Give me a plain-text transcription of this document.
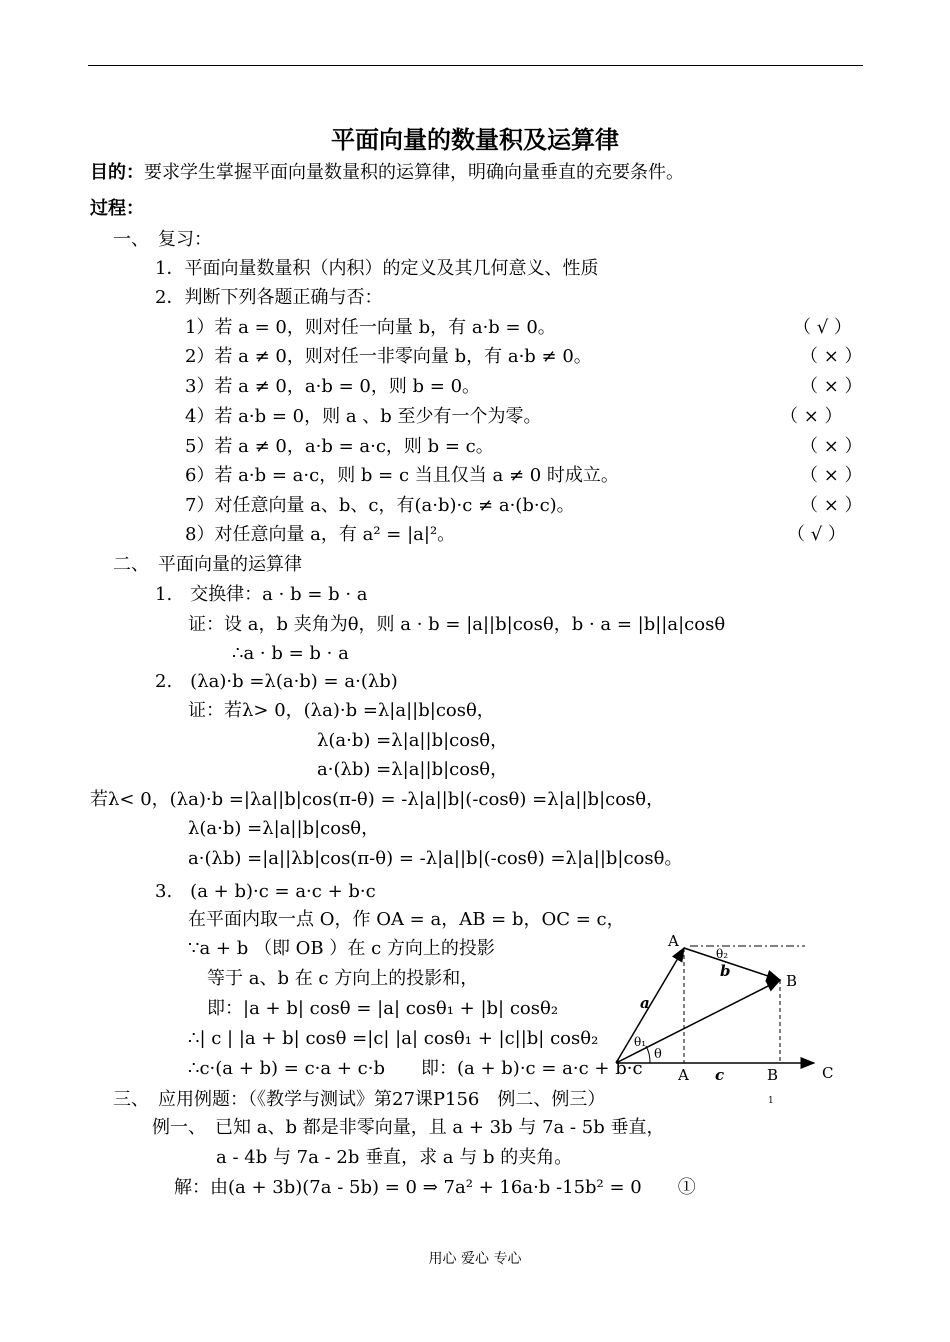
平面向量的数量积及运算律
目的：要求学生掌握平面向量数量积的运算律，明确向量垂直的充要条件。
过程：
一、　复习：
1．平面向量数量积（内积）的定义及其几何意义、性质
2．判断下列各题正确与否：
1）若 a = 0，则对任一向量 b，有 a·b = 0。	（ √ ）
2）若 a ≠ 0，则对任一非零向量 b，有 a·b ≠ 0。	（ × ）
3）若 a ≠ 0，a·b = 0，则 b = 0。	（ × ）
4）若 a·b = 0，则 a 、b 至少有一个为零。	（ × ）
5）若 a ≠ 0，a·b = a·c，则 b = c。	（ × ）
6）若 a·b = a·c，则 b = c 当且仅当 a ≠ 0 时成立。	（ × ）
7）对任意向量 a、b、c，有(a·b)·c ≠ a·(b·c)。	（ × ）
8）对任意向量 a，有 a² = |a|²。	（ √ ）
二、　平面向量的运算律
1.　交换律：a · b = b · a
证：设 a，b 夹角为θ，则 a · b = |a||b|cosθ，b · a = |b||a|cosθ
∴a · b = b · a
2.　(λa)·b =λ(a·b) = a·(λb)
证：若λ> 0，(λa)·b =λ|a||b|cosθ，
λ(a·b) =λ|a||b|cosθ，
a·(λb) =λ|a||b|cosθ，
若λ< 0，(λa)·b =|λa||b|cos(π-θ) = -λ|a||b|(-cosθ) =λ|a||b|cosθ，
λ(a·b) =λ|a||b|cosθ，
a·(λb) =|a||λb|cos(π-θ) = -λ|a||b|(-cosθ) =λ|a||b|cosθ。
3.　(a + b)·c = a·c + b·c
在平面内取一点 O，作 OA = a，AB = b，OC = c，
∵a + b （即 OB ）在 c 方向上的投影
等于 a、b 在 c 方向上的投影和，
即：|a + b| cosθ = |a| cosθ₁ + |b| cosθ₂
∴| c | |a + b| cosθ =|c| |a| cosθ₁ + |c||b| cosθ₂
∴c·(a + b) = c·a + c·b　　即：(a + b)·c = a·c + b·c
A
B
C
A	B
1
a
b
c
θ
θ₁
θ₂
三、　应用例题：（《教学与测试》第27课P156　例二、例三）
例一、　已知 a、b 都是非零向量，且 a + 3b 与 7a - 5b 垂直，
a - 4b 与 7a - 2b 垂直，求 a 与 b 的夹角。
解：由(a + 3b)(7a - 5b) = 0 ⇒ 7a² + 16a·b -15b² = 0　　①
用心 爱心 专心
